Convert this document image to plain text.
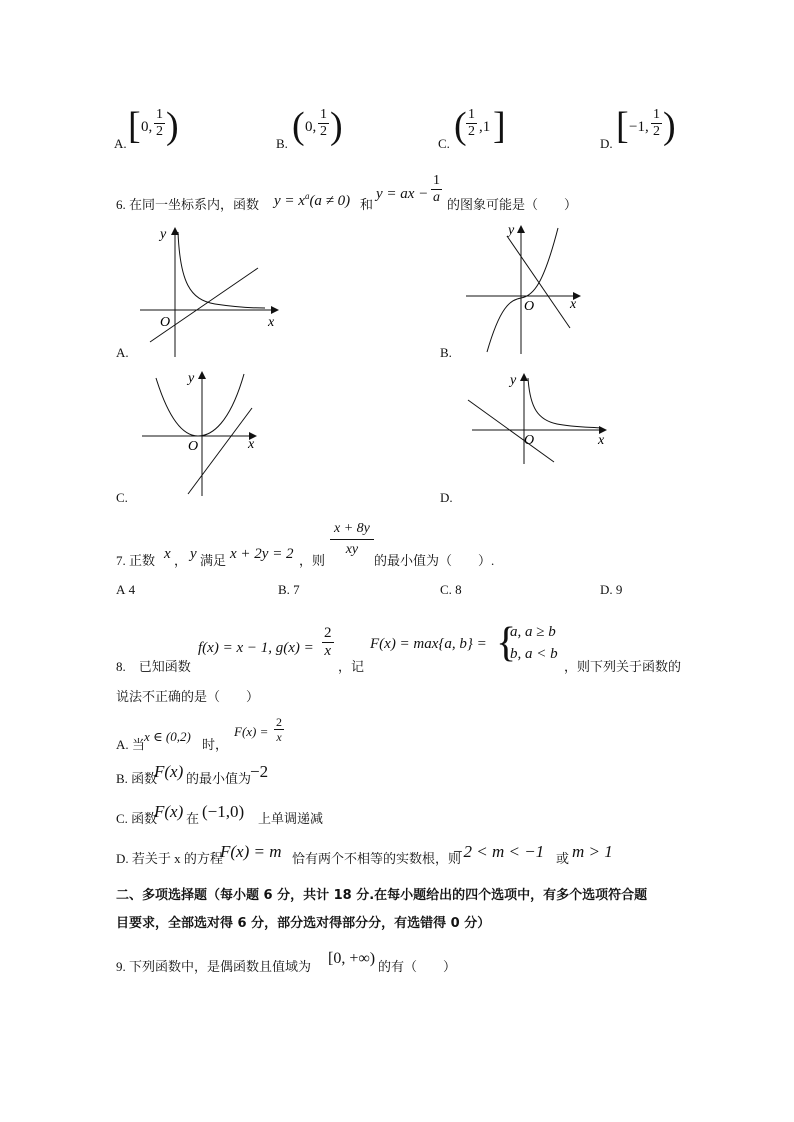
A. [ 0, $\frac{1}{2}$ )	B. ( 0, $\frac{1}{2}$ )	C. ( $\frac{1}{2} ,1$ ]	D. [ −1, $\frac{1}{2}$ )
6. 在同一坐标系内，函数 $y = x^a(a \ne 0)$ 和
y = ax − $\frac{1}{a}$ 的图象可能是（　　）
A.
x
y
O
B.
x
y
O
C.
x
y
O
D.
x
y
O
7. 正数 x ， y 满足 x + 2y = 2 ，则
$\frac{x + 8y}{xy}$
的最小值为（　　）.
A 4	B. 7	C. 8	D. 9
8.　已知函数
f(x) = x − 1, $g(x) = \frac{2}{x}$
，记
F(x) = max{a, b} = {
a, a ≥ b
b, a < b
，则下列关于函数的
说法不正确的是（　　）
A. 当
x ∈ (0,2)
时，
$F(x) = \frac{2}{x}$
B. 函数
F(x) 的最小值为
−2
C. 函数
F(x) 在 (−1,0) 上单调递减
D. 若关于 x 的方程
F(x) = m 恰有两个不相等的实数根，则
−2 < m < −1 或 m > 1
二、多项选择题（每小题 6 分，共计 18 分.在每小题给出的四个选项中，有多个选项符合题
目要求，全部选对得 6 分，部分选对得部分分，有选错得 0 分）
9. 下列函数中，是偶函数且值域为 [0, +∞) 的有（　　）
